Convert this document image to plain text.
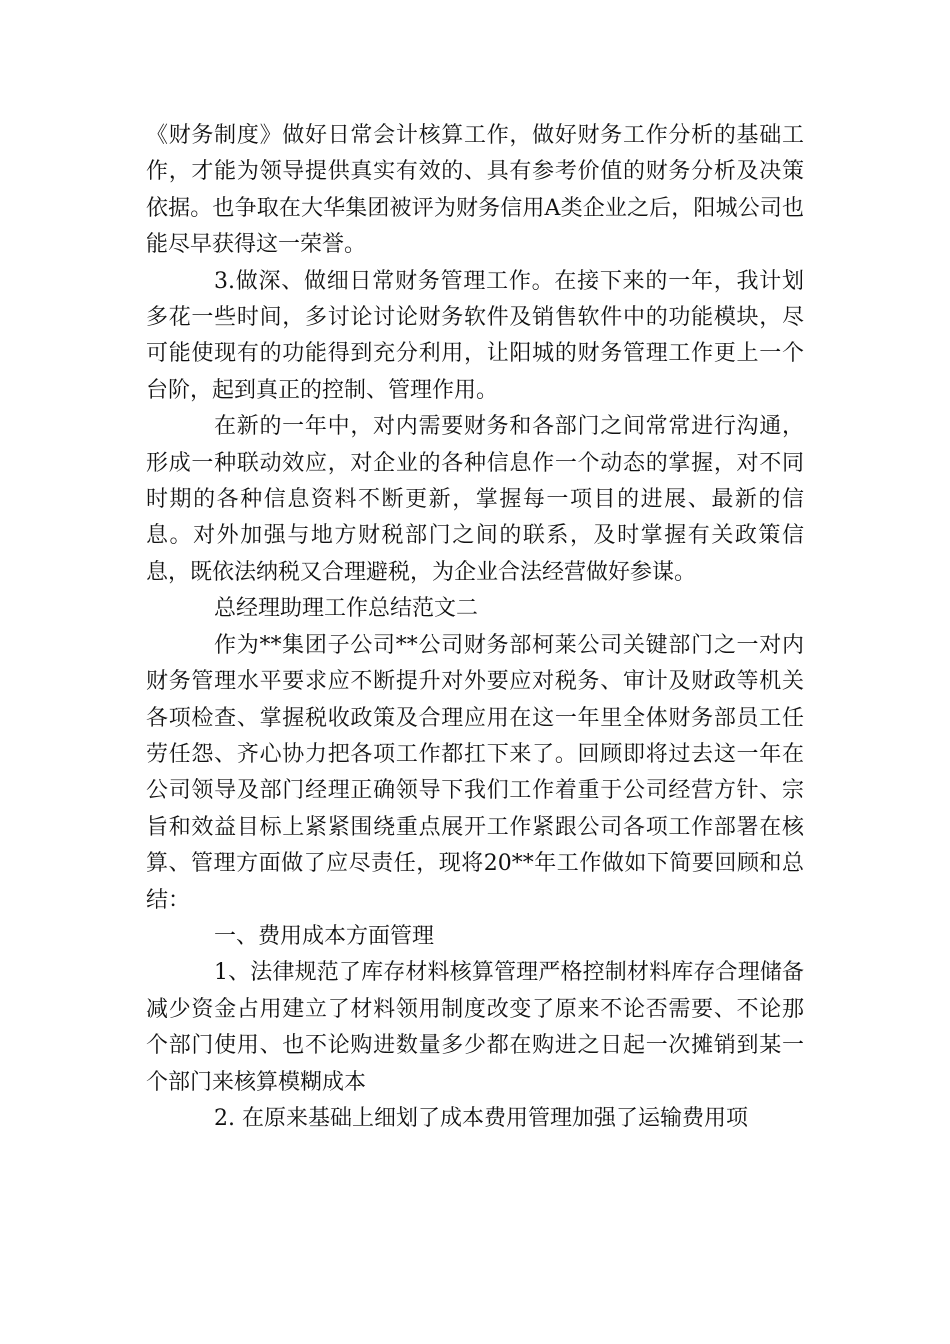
《财务制度》做好日常会计核算工作，做好财务工作分析的基础工作，才能为领导提供真实有效的、具有参考价值的财务分析及决策依据。也争取在大华集团被评为财务信用A类企业之后，阳城公司也能尽早获得这一荣誉。

3.做深、做细日常财务管理工作。在接下来的一年，我计划多花一些时间，多讨论讨论财务软件及销售软件中的功能模块，尽可能使现有的功能得到充分利用，让阳城的财务管理工作更上一个台阶，起到真正的控制、管理作用。

在新的一年中，对内需要财务和各部门之间常常进行沟通，形成一种联动效应，对企业的各种信息作一个动态的掌握，对不同时期的各种信息资料不断更新，掌握每一项目的进展、最新的信息。对外加强与地方财税部门之间的联系，及时掌握有关政策信息，既依法纳税又合理避税，为企业合法经营做好参谋。

总经理助理工作总结范文二

作为**集团子公司**公司财务部柯莱公司关键部门之一对内财务管理水平要求应不断提升对外要应对税务、审计及财政等机关各项检查、掌握税收政策及合理应用在这一年里全体财务部员工任劳任怨、齐心协力把各项工作都扛下来了。回顾即将过去这一年在公司领导及部门经理正确领导下我们工作着重于公司经营方针、宗旨和效益目标上紧紧围绕重点展开工作紧跟公司各项工作部署在核算、管理方面做了应尽责任，现将20**年工作做如下简要回顾和总结：

一、费用成本方面管理

1、法律规范了库存材料核算管理严格控制材料库存合理储备减少资金占用建立了材料领用制度改变了原来不论否需要、不论那个部门使用、也不论购进数量多少都在购进之日起一次摊销到某一个部门来核算模糊成本

2. 在原来基础上细划了成本费用管理加强了运输费用项
